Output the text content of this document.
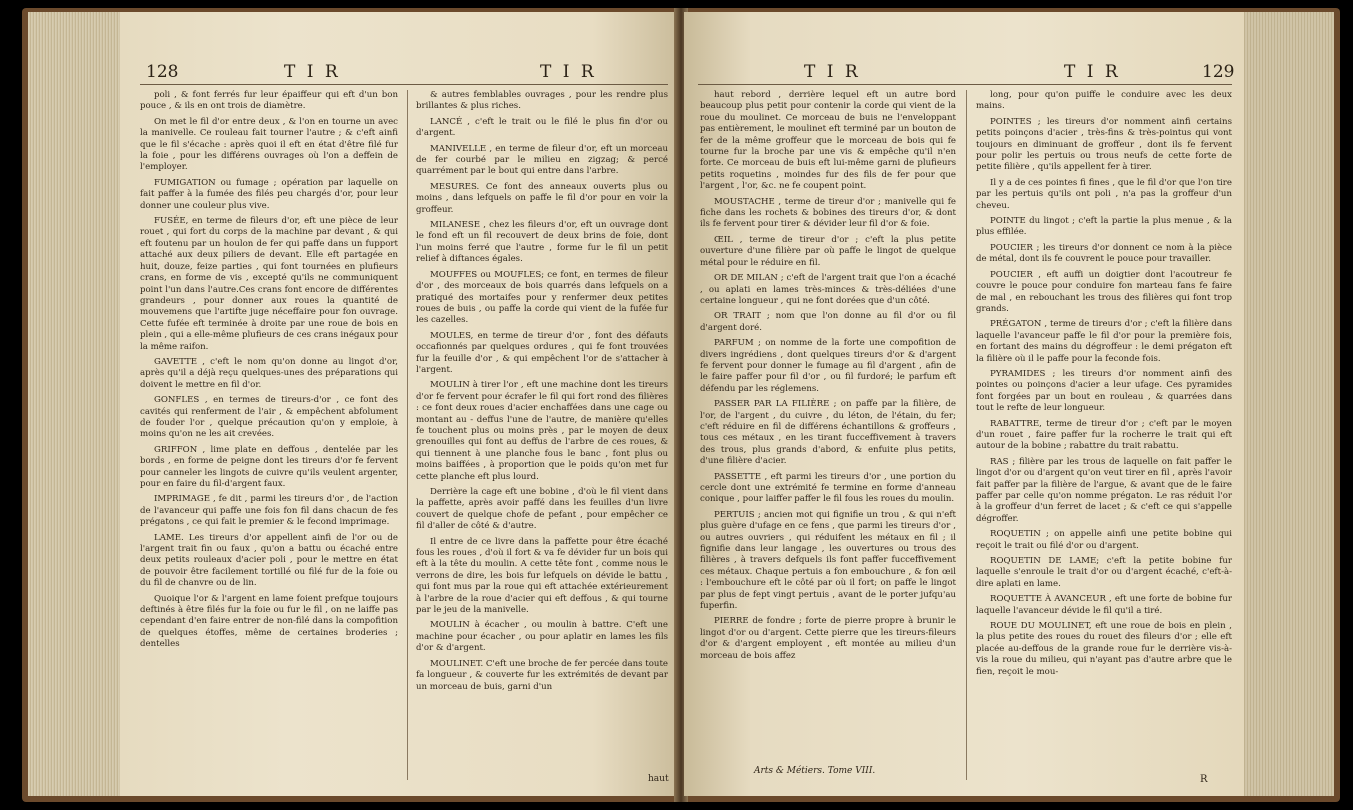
128	T I R	T I R

poli , & font ferrés fur leur épaiffeur qui eft d'un bon pouce , & ils en ont trois de diamètre.

On met le fil d'or entre deux , & l'on en tourne un avec la manivelle. Ce rouleau fait tourner l'autre ; & c'eft ainfi que le fil s'écache : après quoi il eft en état d'être filé fur la foie , pour les différens ouvrages où l'on a deffein de l'employer.

FUMIGATION ou fumage ; opération par laquelle on fait paffer à la fumée des filés peu chargés d'or, pour leur donner une couleur plus vive.

FUSÉE, en terme de fileurs d'or, eft une pièce de leur rouet , qui fort du corps de la machine par devant , & qui eft foutenu par un houlon de fer qui paffe dans un fupport attaché aux deux piliers de devant. Elle eft partagée en huit, douze, feize parties , qui font tournées en plufieurs crans, en forme de vis , excepté qu'ils ne communiquent point l'un dans l'autre.Ces crans font encore de différentes grandeurs , pour donner aux roues la quantité de mouvemens que l'artifte juge néceffaire pour fon ouvrage. Cette fufée eft terminée à droite par une roue de bois en plein , qui a elle-même plufieurs de ces crans inégaux pour la même raifon.

GAVETTE , c'eft le nom qu'on donne au lingot d'or, après qu'il a déjà reçu quelques-unes des préparations qui doivent le mettre en fil d'or.

GONFLES , en termes de tireurs-d'or , ce font des cavités qui renferment de l'air , & empêchent abfolument de fouder l'or , quelque précaution qu'on y emploie, à moins qu'on ne les ait crevées.

GRIFFON , lime plate en deffous , dentelée par les bords , en forme de peigne dont les tireurs d'or fe fervent pour canneler les lingots de cuivre qu'ils veulent argenter, pour en faire du fil-d'argent faux.

IMPRIMAGE , fe dit , parmi les tireurs d'or , de l'action de l'avanceur qui paffe une fois fon fil dans chacun de fes prégatons , ce qui fait le premier & le fecond imprimage.

LAME. Les tireurs d'or appellent ainfi de l'or ou de l'argent trait fin ou faux , qu'on a battu ou écaché entre deux petits rouleaux d'acier poli , pour le mettre en état de pouvoir être facilement tortillé ou filé fur de la foie ou du fil de chanvre ou de lin.

Quoique l'or & l'argent en lame foient prefque toujours deftinés à être filés fur la foie ou fur le fil , on ne laiffe pas cependant d'en faire entrer de non-filé dans la compofition de quelques étoffes, même de certaines broderies ; dentelles

& autres femblables ouvrages , pour les rendre plus brillantes & plus riches.

LANCÉ , c'eft le trait ou le filé le plus fin d'or ou d'argent.

MANIVELLE , en terme de fileur d'or, eft un morceau de fer courbé par le milieu en zigzag; & percé quarrément par le bout qui entre dans l'arbre.

MESURES. Ce font des anneaux ouverts plus ou moins , dans lefquels on paffe le fil d'or pour en voir la groffeur.

MILANESE , chez les fileurs d'or, eft un ouvrage dont le fond eft un fil recouvert de deux brins de foie, dont l'un moins ferré que l'autre , forme fur le fil un petit relief à diftances égales.

MOUFFES ou MOUFLES; ce font, en termes de fileur d'or , des morceaux de bois quarrés dans lefquels on a pratiqué des mortaifes pour y renfermer deux petites roues de buis , ou paffe la corde qui vient de la fufée fur les cazelles.

MOULES, en terme de tireur d'or , font des défauts occafionnés par quelques ordures , qui fe font trouvées fur la feuille d'or , & qui empêchent l'or de s'attacher à l'argent.

MOULIN à tirer l'or , eft une machine dont les tireurs d'or fe fervent pour écrafer le fil qui fort rond des filières : ce font deux roues d'acier enchaffées dans une cage ou montant au - deffus l'une de l'autre, de manière qu'elles fe touchent plus ou moins près , par le moyen de deux grenouilles qui font au deffus de l'arbre de ces roues, & qui tiennent à une planche fous le banc , font plus ou moins baiffées , à proportion que le poids qu'on met fur cette planche eft plus lourd.

Derrière la cage eft une bobine , d'où le fil vient dans la paffette, après avoir paffé dans les feuilles d'un livre couvert de quelque chofe de pefant , pour empêcher ce fil d'aller de côté & d'autre.

Il entre de ce livre dans la paffette pour être écaché fous les roues , d'où il fort & va fe dévider fur un bois qui eft à la tête du moulin. A cette tête font , comme nous le verrons de dire, les bois fur lefquels on dévide le battu , qui font mus par la roue qui eft attachée extérieurement à l'arbre de la roue d'acier qui eft deffous , & qui tourne par le jeu de la manivelle.

MOULIN à écacher , ou moulin à battre. C'eft une machine pour écacher , ou pour aplatir en lames les fils d'or & d'argent.

MOULINET. C'eft une broche de fer percée dans toute fa longueur , & couverte fur les extrémités de devant par un morceau de buis, garni d'un

haut
T I R	T I R	129

haut rebord , derrière lequel eft un autre bord beaucoup plus petit pour contenir la corde qui vient de la roue du moulinet. Ce morceau de buis ne l'enveloppant pas entièrement, le moulinet eft terminé par un bouton de fer de la même groffeur que le morceau de bois qui fe tourne fur la broche par une vis & empêche qu'il n'en forte. Ce morceau de buis eft lui-même garni de plufieurs petits roquetins , moindes fur des fils de fer pour que l'argent , l'or, &c. ne fe coupent point.

MOUSTACHE , terme de tireur d'or ; manivelle qui fe fiche dans les rochets & bobines des tireurs d'or, & dont ils fe fervent pour tirer & dévider leur fil d'or & foie.

ŒIL , terme de tireur d'or ; c'eft la plus petite ouverture d'une filière par où paffe le lingot de quelque métal pour le réduire en fil.

OR DE MILAN ; c'eft de l'argent trait que l'on a écaché , ou aplati en lames très-minces & très-déliées d'une certaine longueur , qui ne font dorées que d'un côté.

OR TRAIT ; nom que l'on donne au fil d'or ou fil d'argent doré.

PARFUM ; on nomme de la forte une compofition de divers ingrédiens , dont quelques tireurs d'or & d'argent fe fervent pour donner le fumage au fil d'argent , afin de le faire paffer pour fil d'or , ou fil furdoré; le parfum eft défendu par les réglemens.

PASSER PAR LA FILIÈRE ; on paffe par la filière, de l'or, de l'argent , du cuivre , du léton, de l'étain, du fer; c'eft réduire en fil de différens échantillons & groffeurs , tous ces métaux , en les tirant fucceffivement à travers des trous, plus grands d'abord, & enfuite plus petits, d'une filière d'acier.

PASSETTE , eft parmi les tireurs d'or , une portion du cercle dont une extrémité fe termine en forme d'anneau conique , pour laiffer paffer le fil fous les roues du moulin.

PERTUIS ; ancien mot qui fignifie un trou , & qui n'eft plus guère d'ufage en ce fens , que parmi les tireurs d'or , ou autres ouvriers , qui réduifent les métaux en fil ; il fignifie dans leur langage , les ouvertures ou trous des filières , à travers defquels ils font paffer fucceffivement ces métaux. Chaque pertuis a fon embouchure , & fon œil : l'embouchure eft le côté par où il fort; on paffe le lingot par plus de fept vingt pertuis , avant de le porter jufqu'au fuperfin.

PIERRE de fondre ; forte de pierre propre à brunir le lingot d'or ou d'argent. Cette pierre que les tireurs-fileurs d'or & d'argent employent , eft montée au milieu d'un morceau de bois affez

Arts & Métiers. Tome VIII.

long, pour qu'on puiffe le conduire avec les deux mains.

POINTES ; les tireurs d'or nomment ainfi certains petits poinçons d'acier , très-fins & très-pointus qui vont toujours en diminuant de groffeur , dont ils fe fervent pour polir les pertuis ou trous neufs de cette forte de petite filière , qu'ils appellent fer à tirer.

Il y a de ces pointes fi fines , que le fil d'or que l'on tire par les pertuis qu'ils ont poli , n'a pas la groffeur d'un cheveu.

POINTE du lingot ; c'eft la partie la plus menue , & la plus effilée.

POUCIER ; les tireurs d'or donnent ce nom à la pièce de métal, dont ils fe couvrent le pouce pour travailler.

POUCIER , eft auffi un doigtier dont l'acoutreur fe couvre le pouce pour conduire fon marteau fans fe faire de mal , en rebouchant les trous des filières qui font trop grands.

PRÉGATON , terme de tireurs d'or ; c'eft la filière dans laquelle l'avanceur paffe le fil d'or pour la première fois, en fortant des mains du dégroffeur : le demi prégaton eft la filière où il le paffe pour la feconde fois.

PYRAMIDES ; les tireurs d'or nomment ainfi des pointes ou poinçons d'acier a leur ufage. Ces pyramides font forgées par un bout en rouleau , & quarrées dans tout le refte de leur longueur.

RABATTRE, terme de tireur d'or ; c'eft par le moyen d'un rouet , faire paffer fur la rocherre le trait qui eft autour de la bobine ; rabattre du trait rabattu.

RAS ; filière par les trous de laquelle on fait paffer le lingot d'or ou d'argent qu'on veut tirer en fil , après l'avoir fait paffer par la filière de l'argue, & avant que de le faire paffer par celle qu'on nomme prégaton. Le ras réduit l'or à la groffeur d'un ferret de lacet ; & c'eft ce qui s'appelle dégroffer.

ROQUETIN ; on appelle ainfi une petite bobine qui reçoit le trait ou filé d'or ou d'argent.

ROQUETIN DE LAME; c'eft la petite bobine fur laquelle s'enroule le trait d'or ou d'argent écaché, c'eft-à-dire aplati en lame.

ROQUETTE À AVANCEUR , eft une forte de bobine fur laquelle l'avanceur dévide le fil qu'il a tiré.

ROUE DU MOULINET, eft une roue de bois en plein , la plus petite des roues du rouet des fileurs d'or ; elle eft placée au-deffous de la grande roue fur le derrière vis-à-vis la roue du milieu, qui n'ayant pas d'autre arbre que le fien, reçoit le mou-

R
